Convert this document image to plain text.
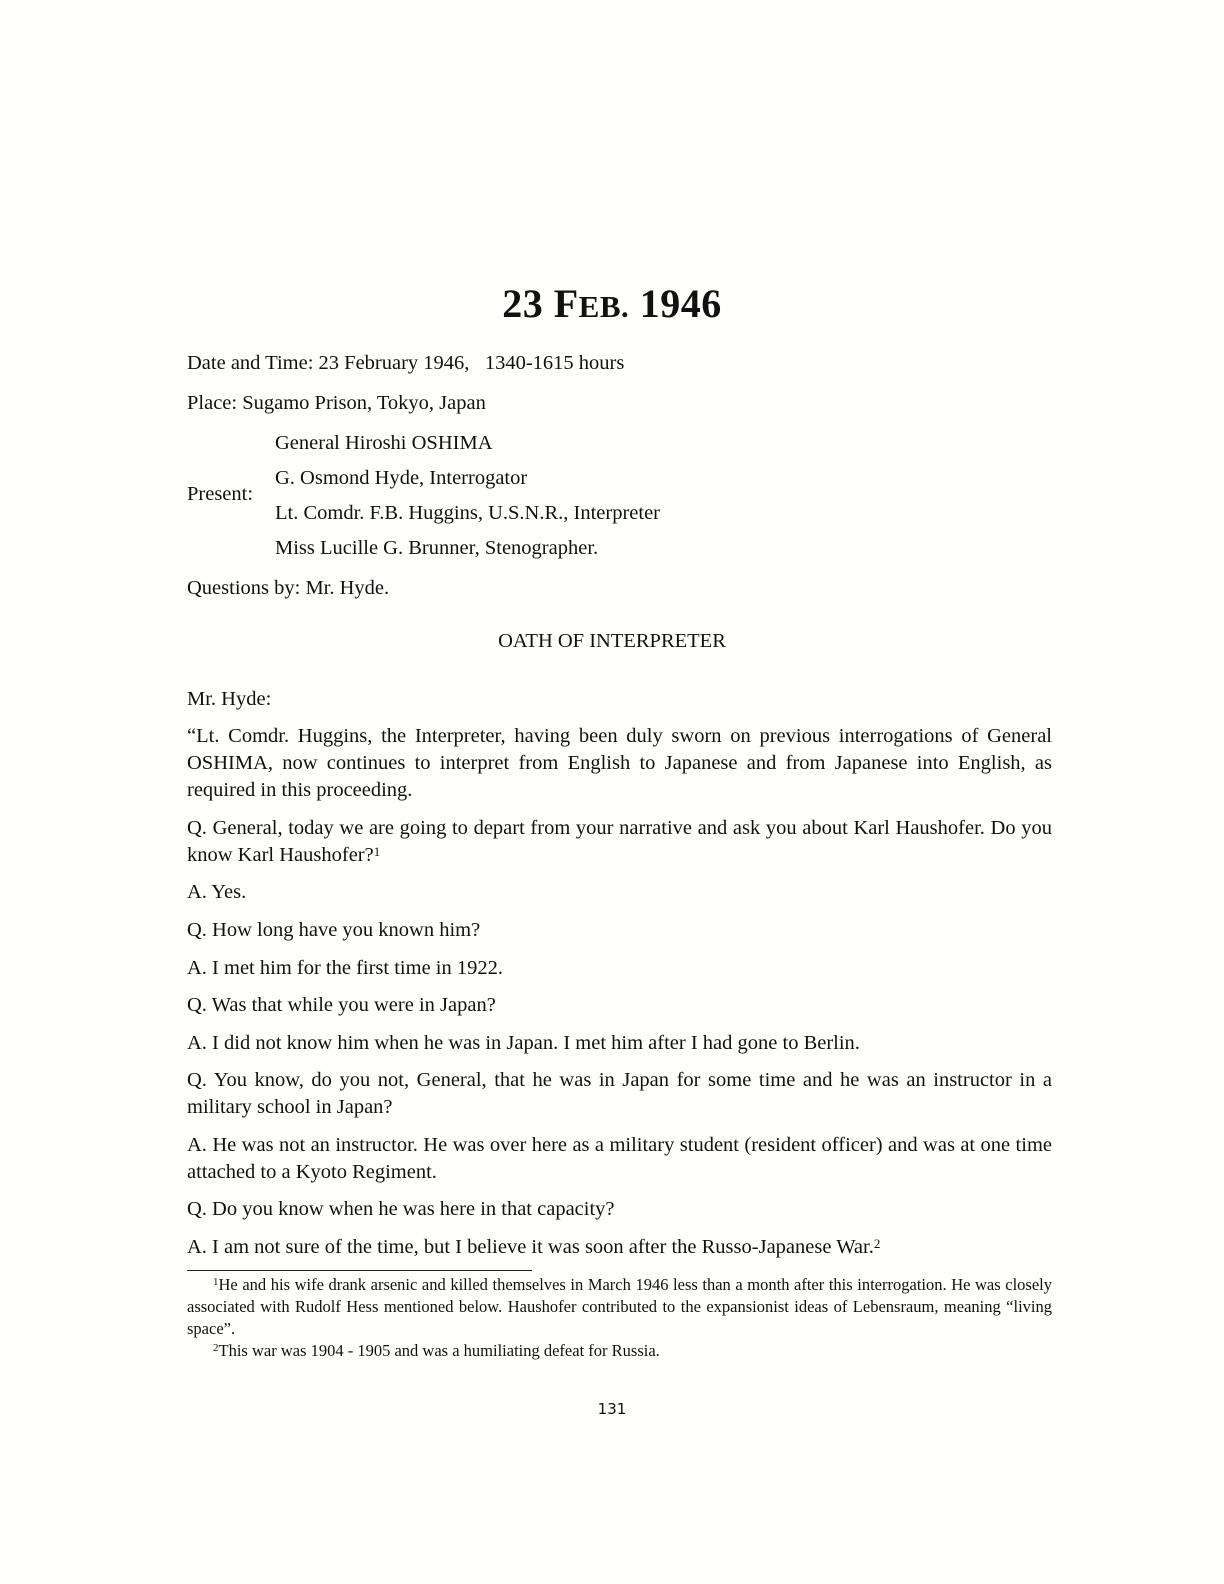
23 FEB. 1946
Date and Time: 23 February 1946, 1340-1615 hours
Place: Sugamo Prison, Tokyo, Japan
Present:
General Hiroshi OSHIMA
G. Osmond Hyde, Interrogator
Lt. Comdr. F.B. Huggins, U.S.N.R., Interpreter
Miss Lucille G. Brunner, Stenographer.
Questions by: Mr. Hyde.
OATH OF INTERPRETER
Mr. Hyde:
“Lt. Comdr. Huggins, the Interpreter, having been duly sworn on previous interrogations of General OSHIMA, now continues to interpret from English to Japanese and from Japanese into English, as required in this proceeding.
Q. General, today we are going to depart from your narrative and ask you about Karl Haushofer. Do you know Karl Haushofer?$^1$
A. Yes.
Q. How long have you known him?
A. I met him for the first time in 1922.
Q. Was that while you were in Japan?
A. I did not know him when he was in Japan. I met him after I had gone to Berlin.
Q. You know, do you not, General, that he was in Japan for some time and he was an instructor in a military school in Japan?
A. He was not an instructor. He was over here as a military student (resident officer) and was at one time attached to a Kyoto Regiment.
Q. Do you know when he was here in that capacity?
A. I am not sure of the time, but I believe it was soon after the Russo-Japanese War.$^2$
$^1$He and his wife drank arsenic and killed themselves in March 1946 less than a month after this interrogation. He was closely associated with Rudolf Hess mentioned below. Haushofer contributed to the expansionist ideas of Lebensraum, meaning “living space”.
$^2$This war was 1904 - 1905 and was a humiliating defeat for Russia.
131
